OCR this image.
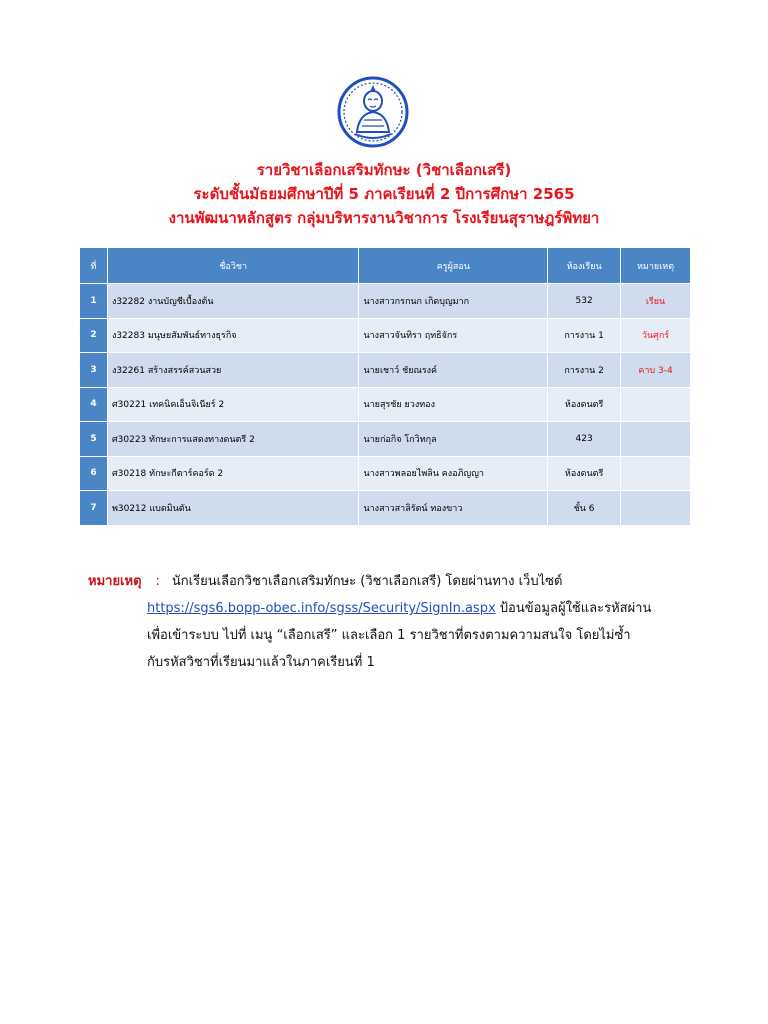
รายวิชาเลือกเสริมทักษะ (วิชาเลือกเสรี)
ระดับชั้นมัธยมศึกษาปีที่ 5 ภาคเรียนที่ 2 ปีการศึกษา 2565
งานพัฒนาหลักสูตร กลุ่มบริหารงานวิชาการ โรงเรียนสุราษฎร์พิทยา
ที่	ชื่อวิชา	ครูผู้สอน	ห้องเรียน	หมายเหตุ
1	ง32282 งานบัญชีเบื้องต้น	นางสาวกรกนก เกิดบุญมาก	532	เรียน
2	ง32283 มนุษยสัมพันธ์ทางธุรกิจ	นางสาวจันทิรา ฤทธิจักร	การงาน 1	วันศุกร์
3	ง32261 สร้างสรรค์สวนสวย	นายเชาว์ ชัยณรงค์	การงาน 2	คาบ 3-4
4	ศ30221 เทคนิคเอ็นจิเนียร์ 2	นายสุรชัย ยวงทอง	ห้องดนตรี	
5	ศ30223 ทักษะการแสดงทางดนตรี 2	นายก่อกิจ โกวิทกุล	423	
6	ศ30218 ทักษะกีตาร์คอร์ด 2	นางสาวพลอยไพลิน คงอภิญญา	ห้องดนตรี	
7	พ30212 แบดมินตัน	นางสาวสาลิรัตน์ ทองขาว	ชั้น 6	
หมายเหตุ : นักเรียนเลือกวิชาเลือกเสริมทักษะ (วิชาเลือกเสรี) โดยผ่านทาง เว็บไซต์
https://sgs6.bopp-obec.info/sgss/Security/SignIn.aspx ป้อนข้อมูลผู้ใช้และรหัสผ่าน
เพื่อเข้าระบบ ไปที่ เมนู “เลือกเสรี” และเลือก 1 รายวิชาที่ตรงตามความสนใจ โดยไม่ซ้ำ
กับรหัสวิชาที่เรียนมาแล้วในภาคเรียนที่ 1
